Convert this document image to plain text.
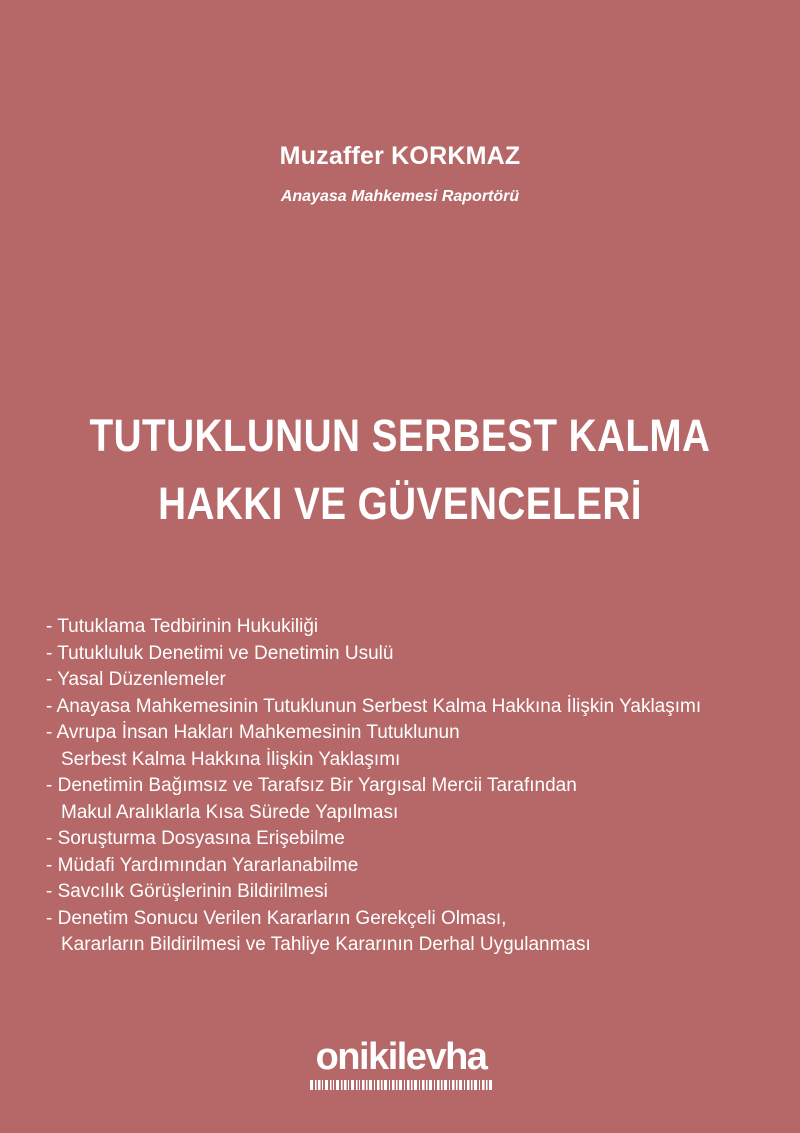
Muzaffer KORKMAZ
Anayasa Mahkemesi Raportörü
TUTUKLUNUN SERBEST KALMA
HAKKI VE GÜVENCELERİ
- Tutuklama Tedbirinin Hukukiliği
- Tutukluluk Denetimi ve Denetimin Usulü
- Yasal Düzenlemeler
- Anayasa Mahkemesinin Tutuklunun Serbest Kalma Hakkına İlişkin Yaklaşımı
- Avrupa İnsan Hakları Mahkemesinin Tutuklunun
Serbest Kalma Hakkına İlişkin Yaklaşımı
- Denetimin Bağımsız ve Tarafsız Bir Yargısal Mercii Tarafından
Makul Aralıklarla Kısa Sürede Yapılması
- Soruşturma Dosyasına Erişebilme
- Müdafi Yardımından Yararlanabilme
- Savcılık Görüşlerinin Bildirilmesi
- Denetim Sonucu Verilen Kararların Gerekçeli Olması,
Kararların Bildirilmesi ve Tahliye Kararının Derhal Uygulanması
onikilevha
